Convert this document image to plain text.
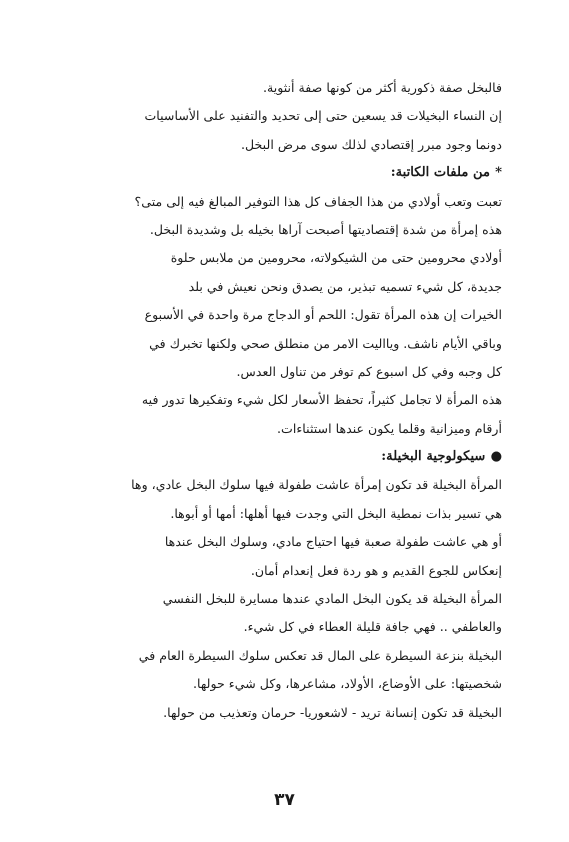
فالبخل صفة ذكورية أكثر من كونها صفة أنثوية.
إن النساء البخيلات قد يسعين حتى إلى تحديد والتفنيد على الأساسيات
دونما وجود مبرر إقتصادي لذلك سوى مرض البخل.
*من ملفات الكاتبة:
تعبت وتعب أولادي من هذا الجفاف كل هذا التوفير المبالغ فيه إلى متى؟
هذه إمرأة من شدة إقتصاديتها أصبحت آراها بخيله بل وشديدة البخل.
أولادي محرومين حتى من الشيكولاته، محرومين من ملابس حلوة
جديدة، كل شيء تسميه تبذير، من يصدق ونحن نعيش في بلد
الخيرات إن هذه المرأة تقول: اللحم أو الدجاج مرة واحدة في الأسبوع
وباقي الأيام ناشف. ويااليت الامر من منطلق صحي ولكنها تخبرك في
كل وجبه وفي كل اسبوع كم توفر من تناول العدس.
هذه المرأة لا تجامل كثيراً، تحفظ الأسعار لكل شيء وتفكيرها تدور فيه
أرقام وميزانية وقلما يكون عندها استثناءات.
●سيكولوجية البخيلة:
المرأة البخيلة قد تكون إمرأة عاشت طفولة فيها سلوك البخل عادي، وها
هي تسير بذات نمطية البخل التي وجدت فيها أهلها: أمها أو أبوها.
أو هي عاشت طفولة صعبة فيها احتياج مادي، وسلوك البخل عندها
إنعكاس للجوع القديم و هو ردة فعل إنعدام أمان.
المرأة البخيلة قد يكون البخل المادي عندها مسايرة للبخل النفسي
والعاطفي .. فهي جافة قليلة العطاء في كل شيء.
البخيلة بنزعة السيطرة على المال قد تعكس سلوك السيطرة العام في
شخصيتها: على الأوضاع، الأولاد، مشاعرها، وكل شيء حولها.
البخيلة قد تكون إنسانة تريد - لاشعوريا- حرمان وتعذيب من حولها.
٣٧
